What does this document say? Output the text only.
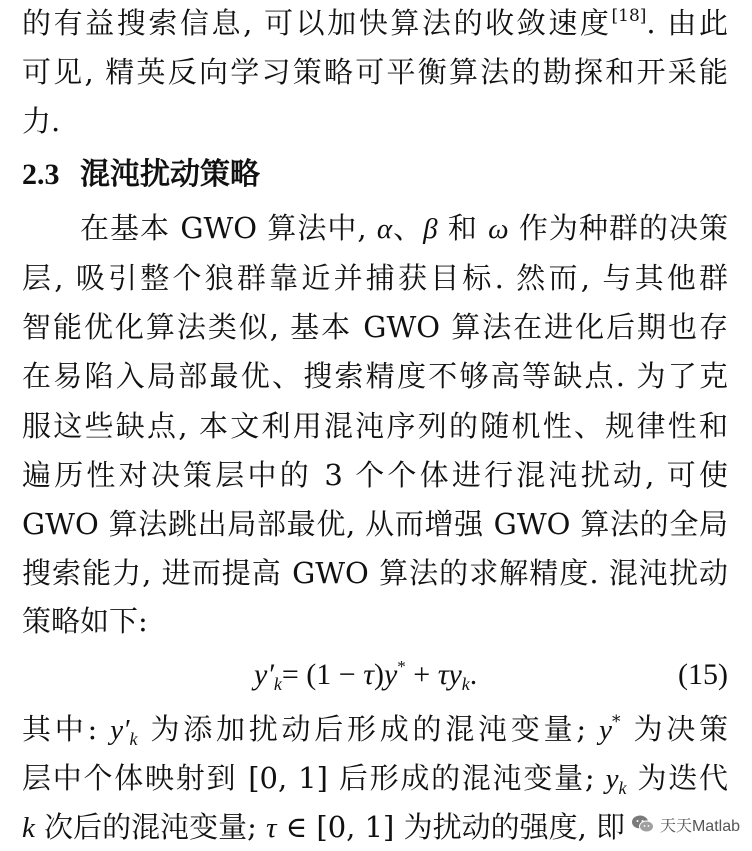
的有益搜索信息, 可以加快算法的收敛速度[18]. 由此
可见, 精英反向学习策略可平衡算法的勘探和开采能
力.
2.3 混沌扰动策略
在基本 GWO 算法中, α、β 和 ω 作为种群的决策
层, 吸引整个狼群靠近并捕获目标. 然而, 与其他群
智能优化算法类似, 基本 GWO 算法在进化后期也存
在易陷入局部最优、搜索精度不够高等缺点. 为了克
服这些缺点, 本文利用混沌序列的随机性、规律性和
遍历性对决策层中的 3 个个体进行混沌扰动, 可使
GWO 算法跳出局部最优, 从而增强 GWO 算法的全局
搜索能力, 进而提高 GWO 算法的求解精度. 混沌扰动
策略如下:
$y'_k= (1 - \tau)y^* + \tau y_k$.	(15)
其中: $y'_k$ 为添加扰动后形成的混沌变量; y* 为决策
层中个体映射到 [0, 1] 后形成的混沌变量; $y_k$ 为迭代
k 次后的混沌变量; τ ∈ [0, 1] 为扰动的强度, 即	天天Matlab
